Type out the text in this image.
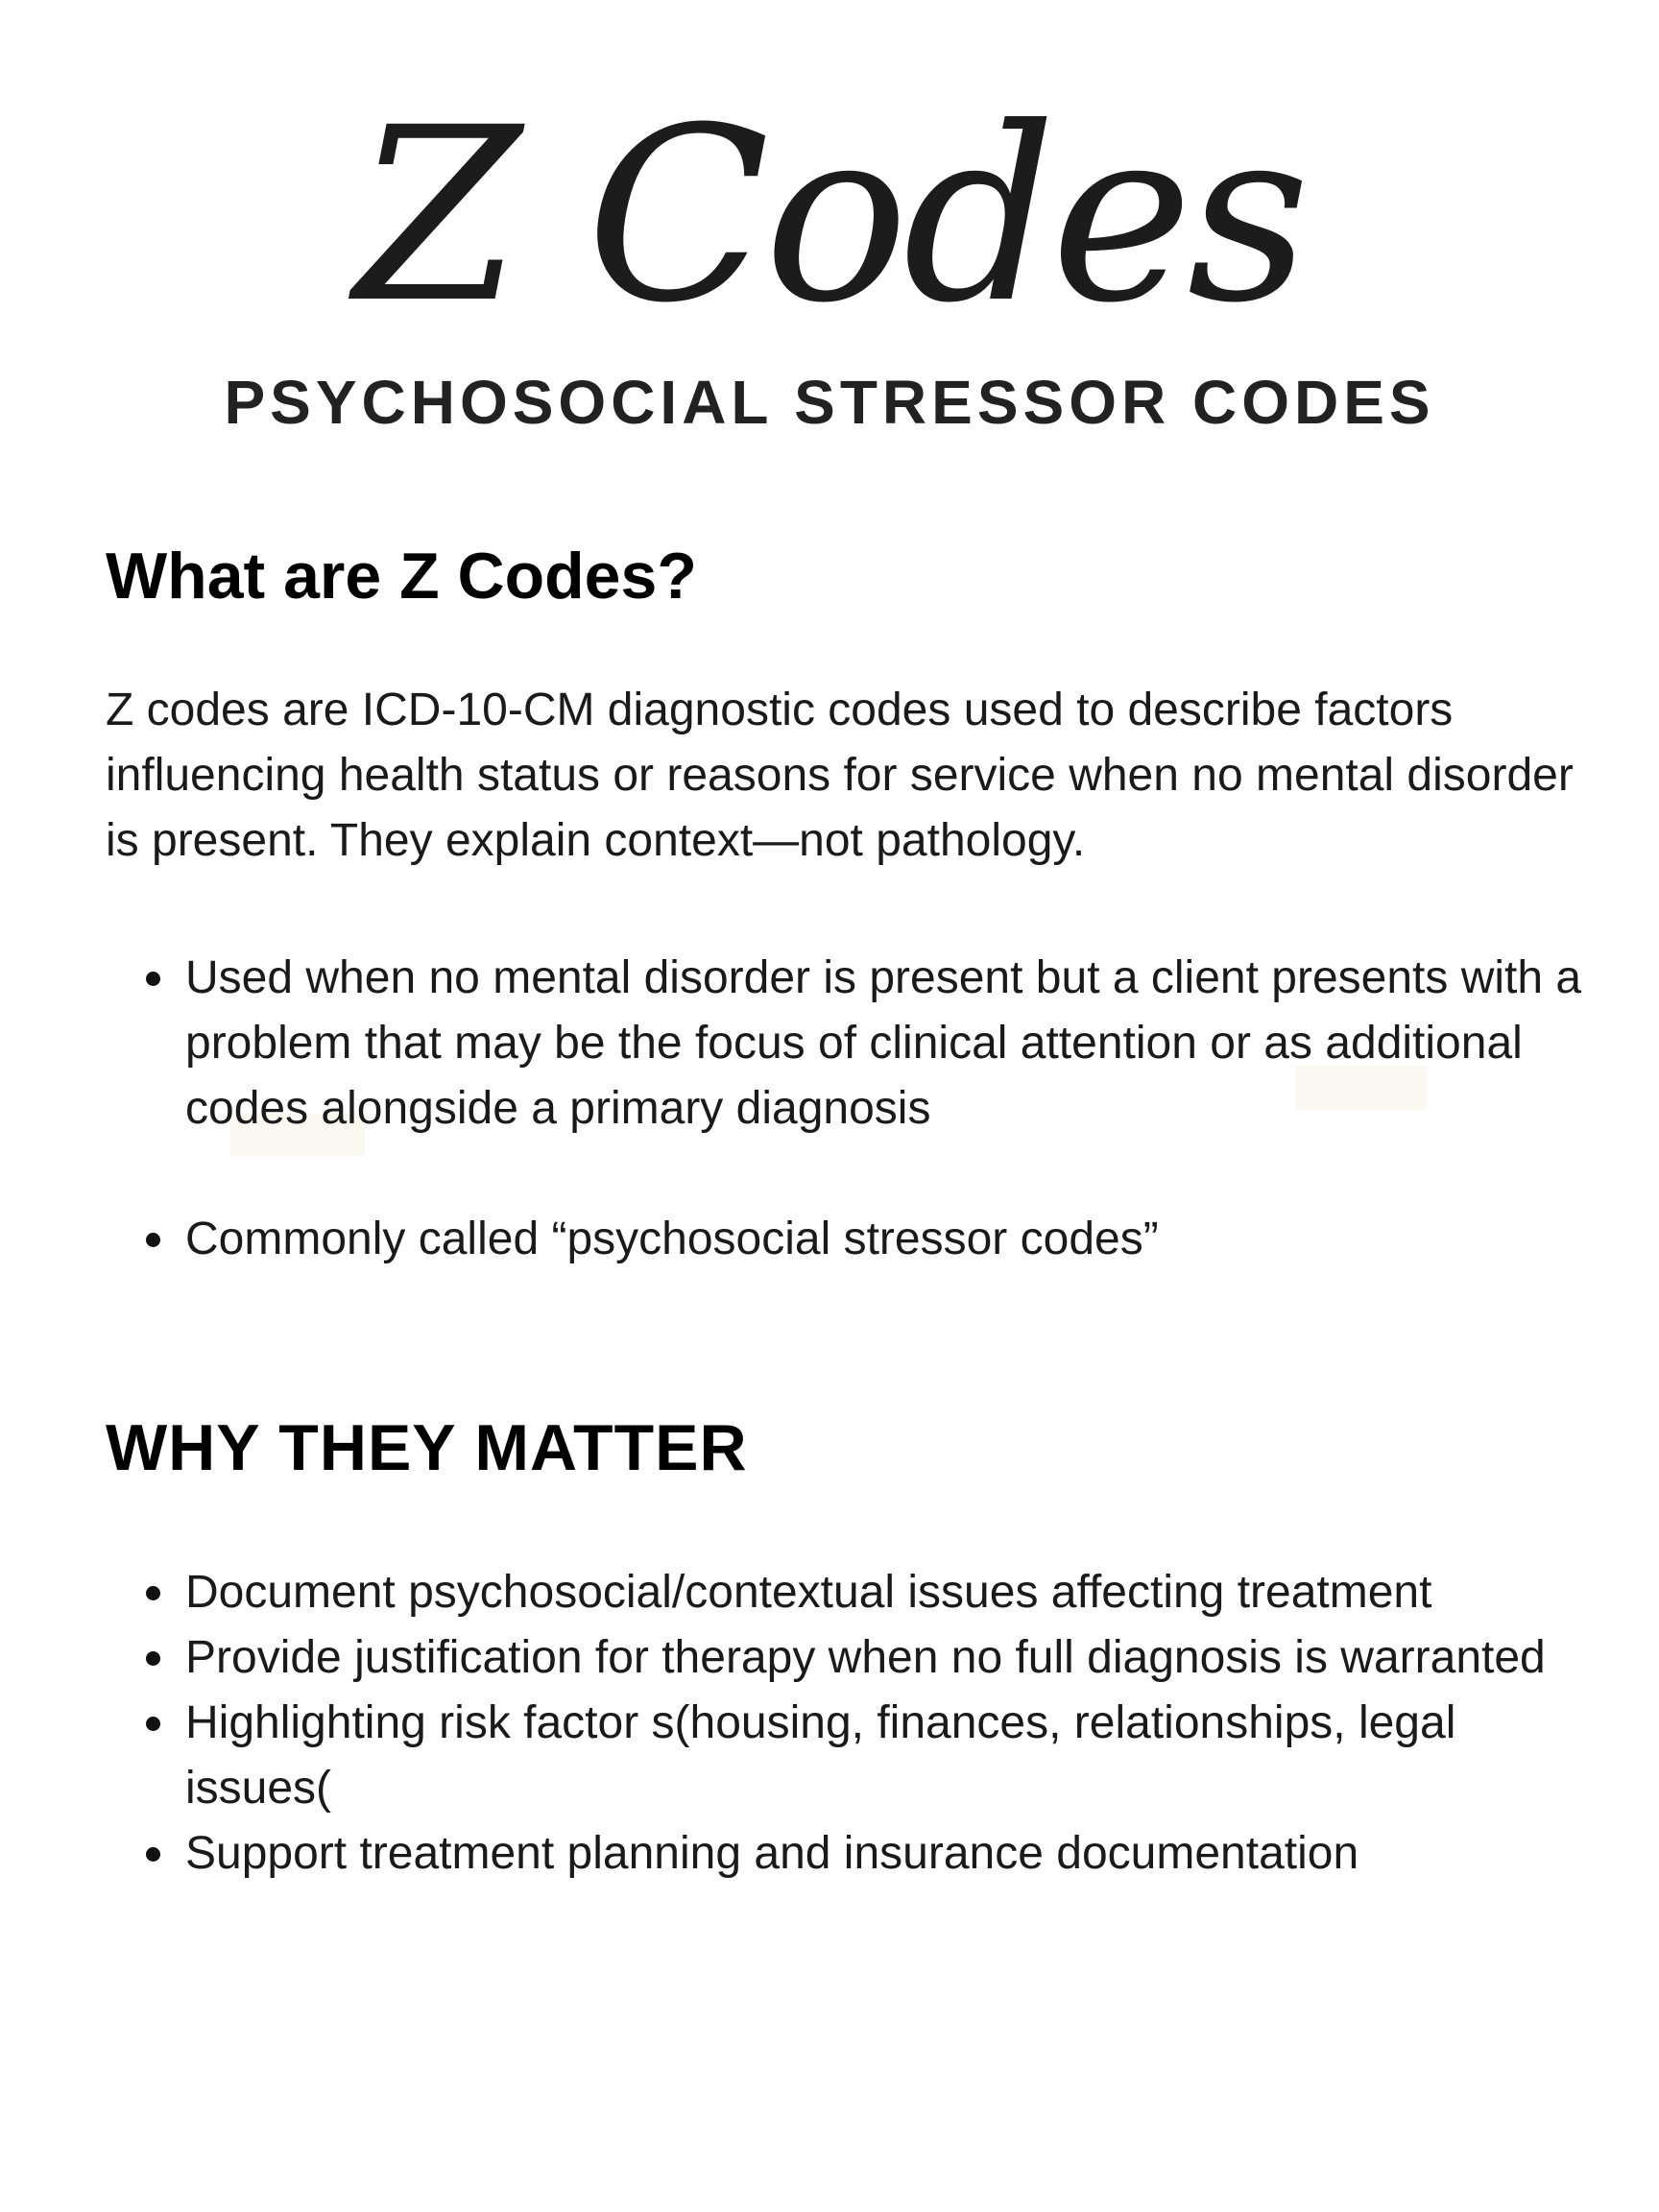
Z Codes
PSYCHOSOCIAL STRESSOR CODES
What are Z Codes?

Z codes are ICD-10-CM diagnostic codes used to describe factors influencing health status or reasons for service when no mental disorder is present. They explain context—not pathology.

Used when no mental disorder is present but a client presents with a problem that may be the focus of clinical attention or as additional codes alongside a primary diagnosis
Commonly called “psychosocial stressor codes”
WHY THEY MATTER
Document psychosocial/contextual issues affecting treatment
Provide justification for therapy when no full diagnosis is warranted
Highlighting risk factor s(housing, finances, relationships, legal issues(
Support treatment planning and insurance documentation
